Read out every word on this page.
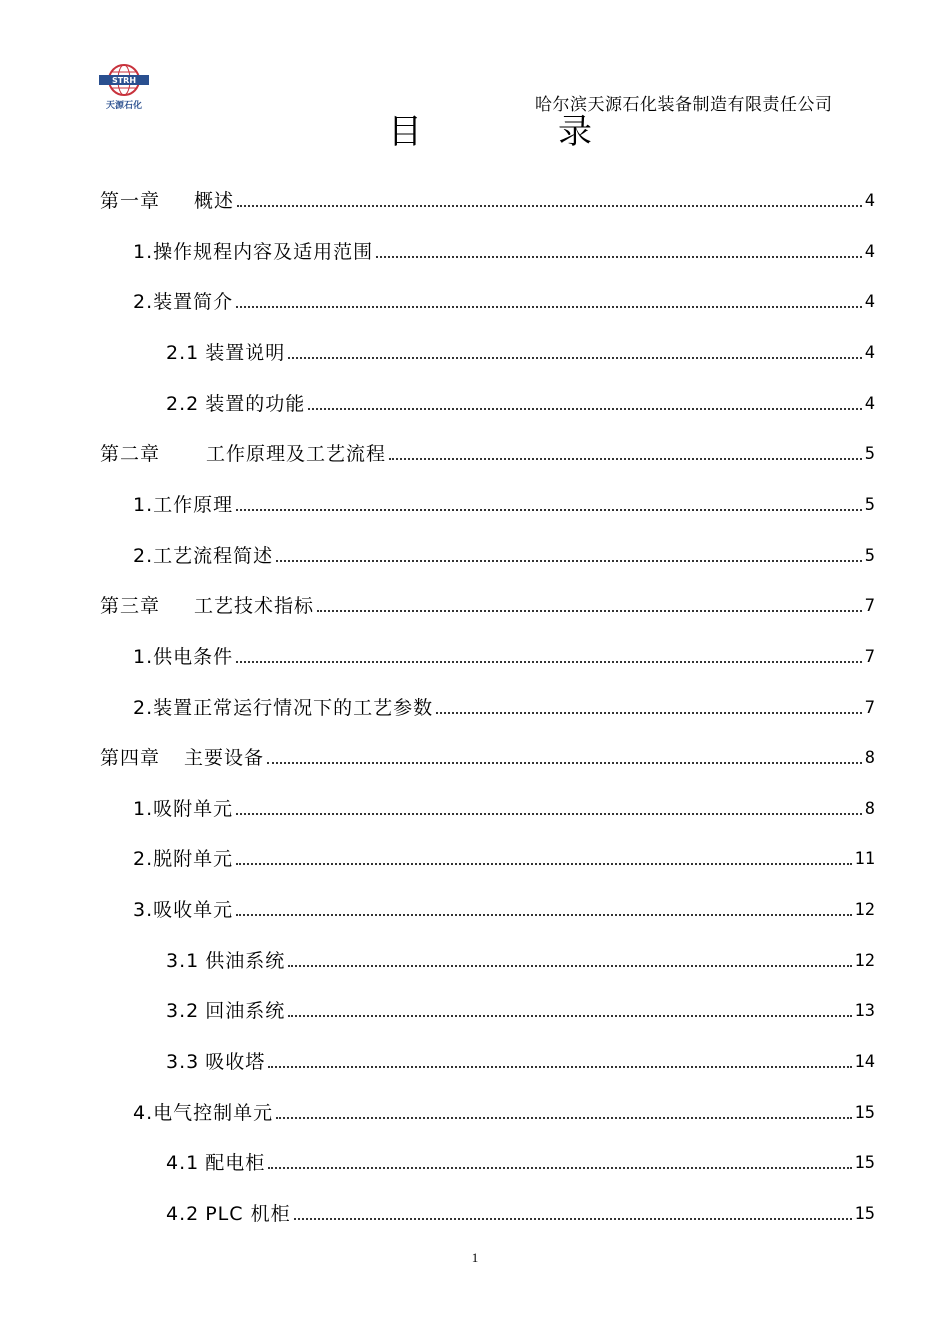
STRH
天源石化	哈尔滨天源石化装备制造有限责任公司
目	录
第一章 概述	4
1. 操作规程内容及适用范围	4
2. 装置简介	4
2.1 装置说明	4
2.2 装置的功能	4
第二章 工作原理及工艺流程	5
1. 工作原理	5
2. 工艺流程简述	5
第三章 工艺技术指标	7
1. 供电条件	7
2. 装置正常运行情况下的工艺参数	7
第四章 主要设备	8
1. 吸附单元	8
2. 脱附单元	11
3. 吸收单元	12
3.1 供油系统	12
3.2 回油系统	13
3.3 吸收塔	14
4. 电气控制单元	15
4.1 配电柜	15
4.2 PLC 机柜	15
1
